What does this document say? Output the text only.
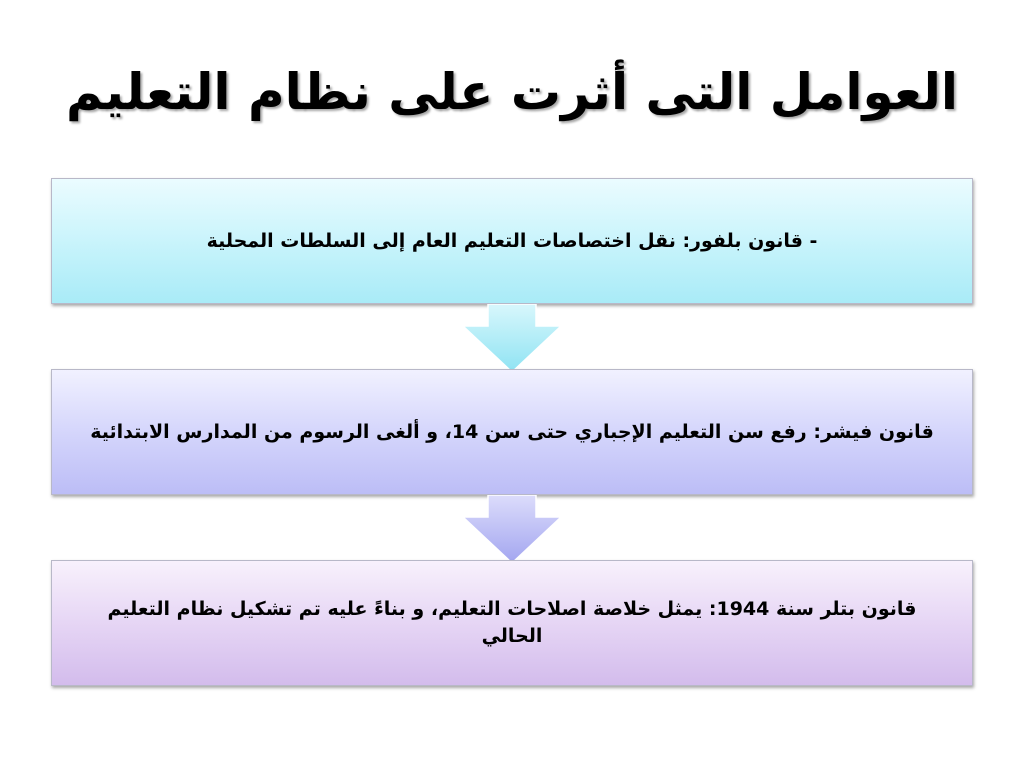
العوامل التى أثرت على نظام التعليم
- قانون بلفور: نقل اختصاصات التعليم العام إلى السلطات المحلية
قانون فيشر: رفع سن التعليم الإجباري حتى سن 14، و ألغى الرسوم من المدارس الابتدائية
قانون بتلر سنة 1944: يمثل خلاصة اصلاحات التعليم، و بناءً عليه تم تشكيل نظام التعليم الحالي
